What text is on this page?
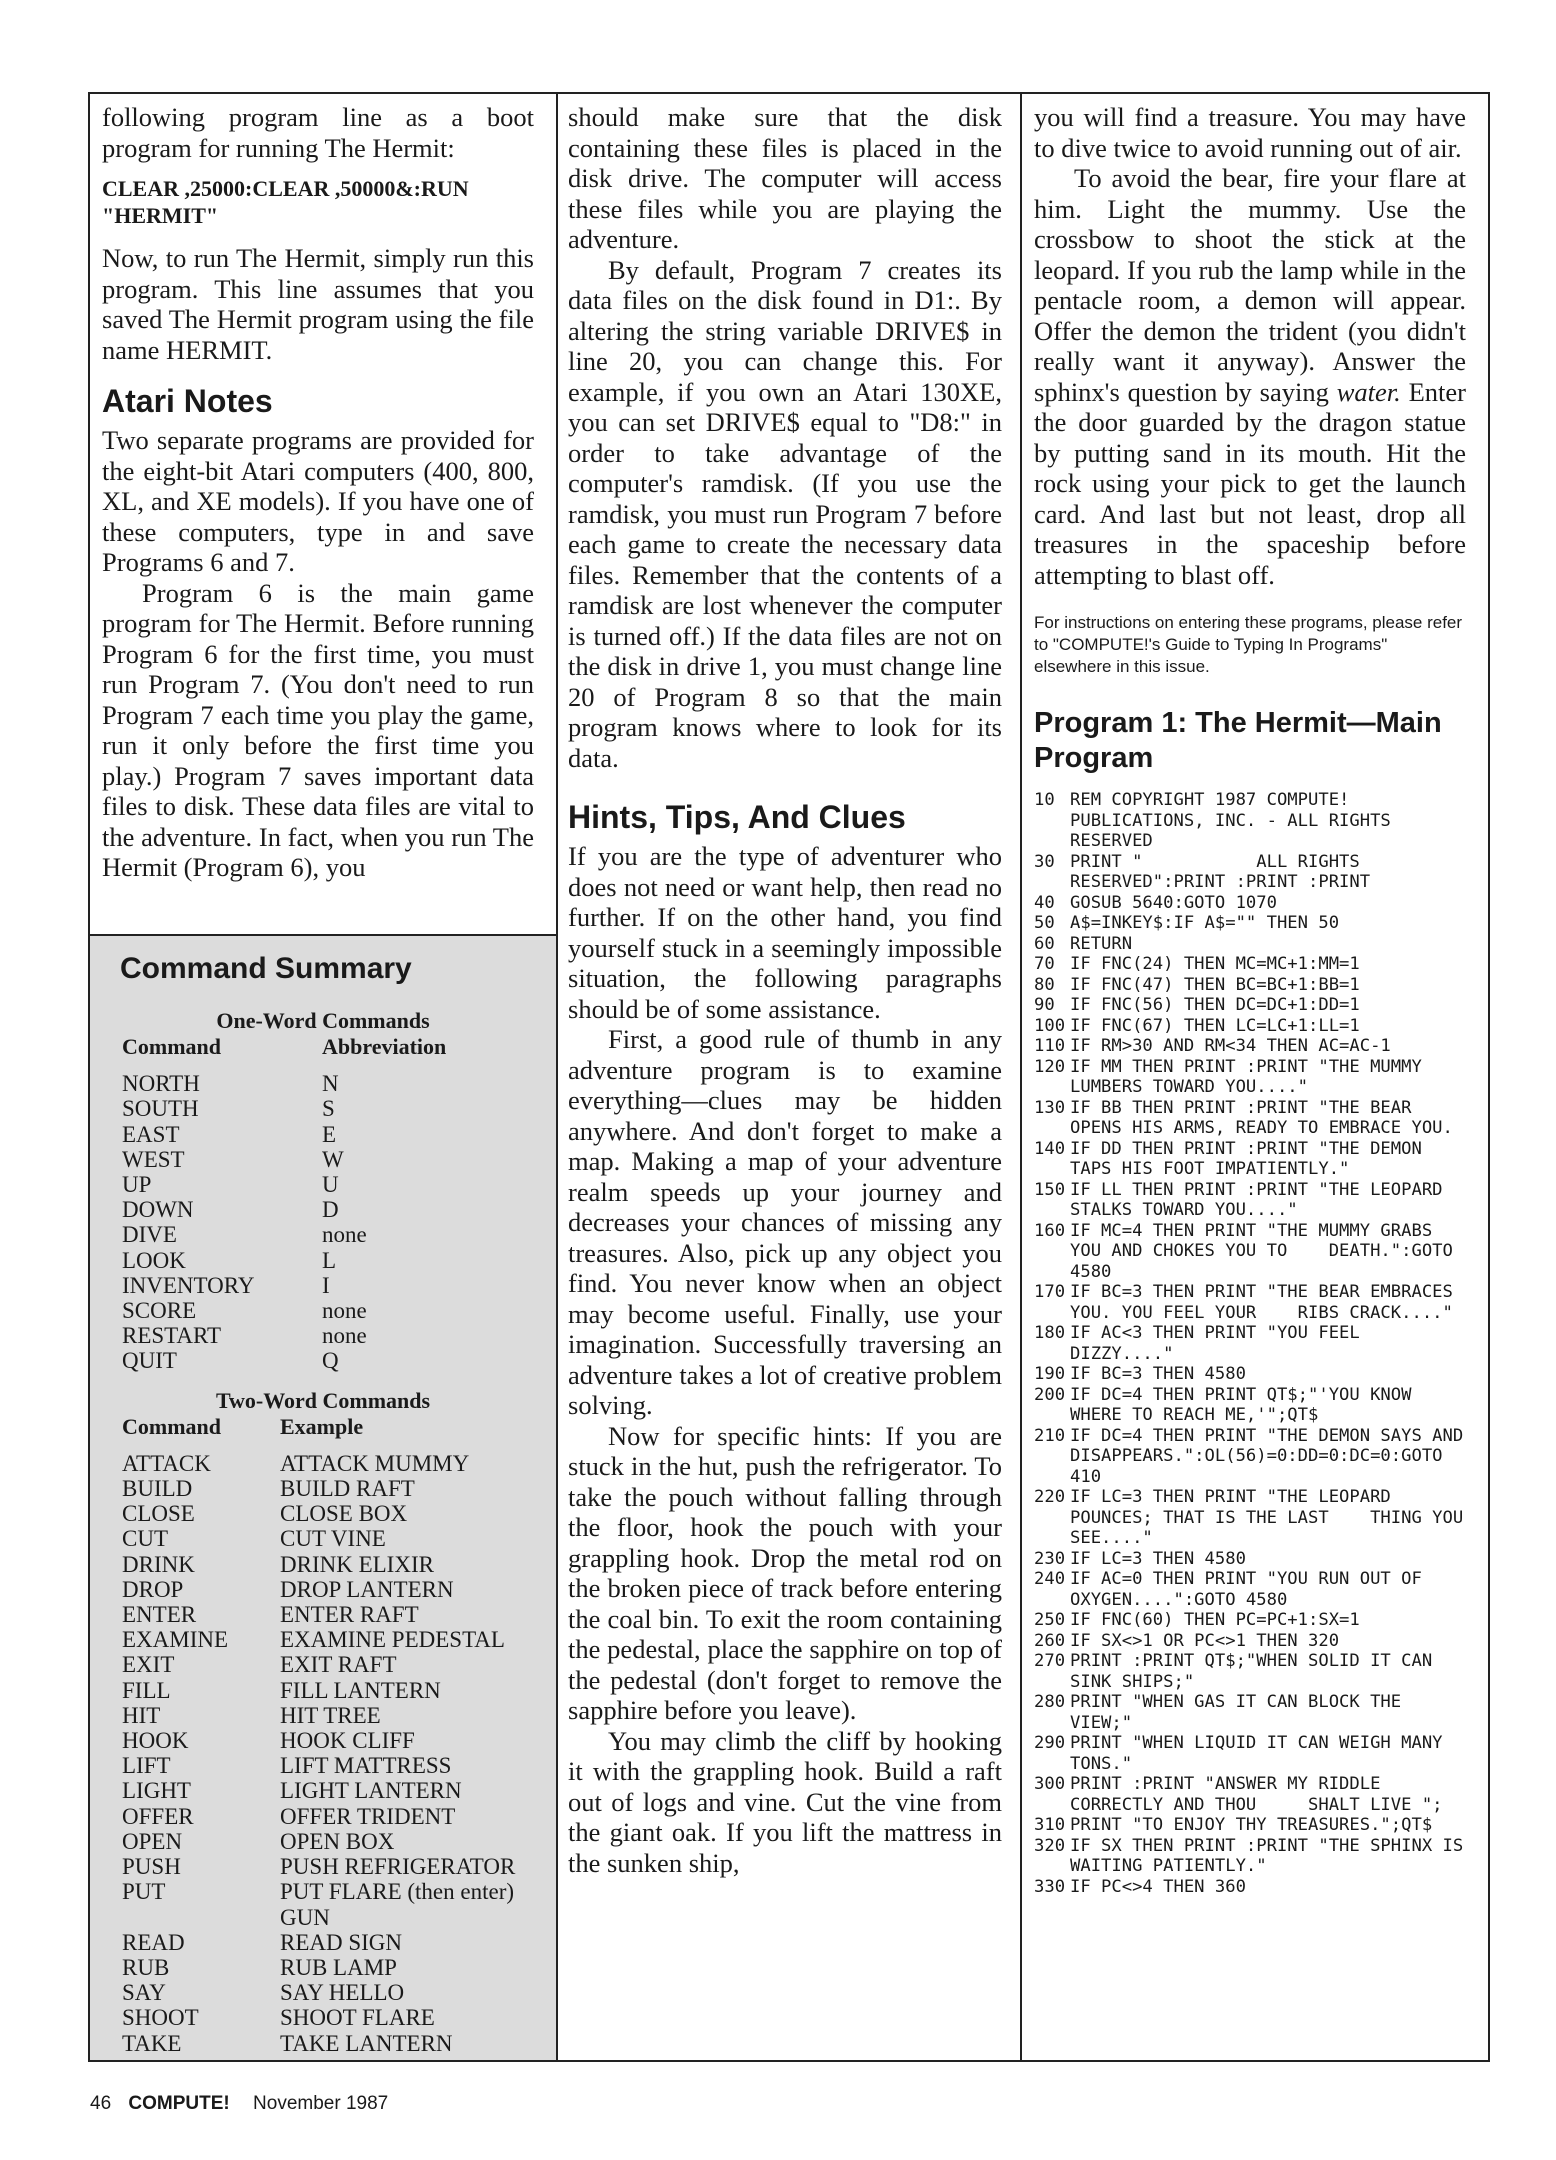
following program line as a boot program for running The Hermit:

CLEAR ,25000:CLEAR ,50000&:RUN "HERMIT"

Now, to run The Hermit, simply run this program. This line assumes that you saved The Hermit program using the file name HERMIT.

Atari Notes

Two separate programs are provided for the eight-bit Atari computers (400, 800, XL, and XE models). If you have one of these computers, type in and save Programs 6 and 7.

Program 6 is the main game program for The Hermit. Before running Program 6 for the first time, you must run Program 7. (You don't need to run Program 7 each time you play the game, run it only before the first time you play.) Program 7 saves important data files to disk. These data files are vital to the adventure. In fact, when you run The Hermit (Program 6), you

Command Summary
One-Word Commands
Command	Abbreviation
NORTH	N
SOUTH	S
EAST	E
WEST	W
UP	U
DOWN	D
DIVE	none
LOOK	L
INVENTORY	I
SCORE	none
RESTART	none
QUIT	Q
Two-Word Commands
Command	Example
ATTACK	ATTACK MUMMY
BUILD	BUILD RAFT
CLOSE	CLOSE BOX
CUT	CUT VINE
DRINK	DRINK ELIXIR
DROP	DROP LANTERN
ENTER	ENTER RAFT
EXAMINE	EXAMINE PEDESTAL
EXIT	EXIT RAFT
FILL	FILL LANTERN
HIT	HIT TREE
HOOK	HOOK CLIFF
LIFT	LIFT MATTRESS
LIGHT	LIGHT LANTERN
OFFER	OFFER TRIDENT
OPEN	OPEN BOX
PUSH	PUSH REFRIGERATOR
PUT	PUT FLARE (then enter) GUN
READ	READ SIGN
RUB	RUB LAMP
SAY	SAY HELLO
SHOOT	SHOOT FLARE
TAKE	TAKE LANTERN

should make sure that the disk containing these files is placed in the disk drive. The computer will access these files while you are playing the adventure.

By default, Program 7 creates its data files on the disk found in D1:. By altering the string variable DRIVE$ in line 20, you can change this. For example, if you own an Atari 130XE, you can set DRIVE$ equal to "D8:" in order to take advantage of the computer's ramdisk. (If you use the ramdisk, you must run Program 7 before each game to create the necessary data files. Remember that the contents of a ramdisk are lost whenever the computer is turned off.) If the data files are not on the disk in drive 1, you must change line 20 of Program 8 so that the main program knows where to look for its data.

Hints, Tips, And Clues

If you are the type of adventurer who does not need or want help, then read no further. If on the other hand, you find yourself stuck in a seemingly impossible situation, the following paragraphs should be of some assistance.

First, a good rule of thumb in any adventure program is to examine everything—clues may be hidden anywhere. And don't forget to make a map. Making a map of your adventure realm speeds up your journey and decreases your chances of missing any treasures. Also, pick up any object you find. You never know when an object may become useful. Finally, use your imagination. Successfully traversing an adventure takes a lot of creative problem solving.

Now for specific hints: If you are stuck in the hut, push the refrigerator. To take the pouch without falling through the floor, hook the pouch with your grappling hook. Drop the metal rod on the broken piece of track before entering the coal bin. To exit the room containing the pedestal, place the sapphire on top of the pedestal (don't forget to remove the sapphire before you leave).

You may climb the cliff by hooking it with the grappling hook. Build a raft out of logs and vine. Cut the vine from the giant oak. If you lift the mattress in the sunken ship,

you will find a treasure. You may have to dive twice to avoid running out of air.

To avoid the bear, fire your flare at him. Light the mummy. Use the crossbow to shoot the stick at the leopard. If you rub the lamp while in the pentacle room, a demon will appear. Offer the demon the trident (you didn't really want it anyway). Answer the sphinx's question by saying water. Enter the door guarded by the dragon statue by putting sand in its mouth. Hit the rock using your pick to get the launch card. And last but not least, drop all treasures in the spaceship before attempting to blast off.

For instructions on entering these programs, please refer to "COMPUTE!'s Guide to Typing In Programs" elsewhere in this issue.

Program 1: The Hermit—Main Program
10 REM COPYRIGHT 1987 COMPUTE! PUBLICATIONS, INC. - ALL RIGHTS RESERVED
30 PRINT "           ALL RIGHTS RESERVED":PRINT :PRINT :PRINT
40 GOSUB 5640:GOTO 1070
50 A$=INKEY$:IF A$="" THEN 50
60 RETURN
70 IF FNC(24) THEN MC=MC+1:MM=1
80 IF FNC(47) THEN BC=BC+1:BB=1
90 IF FNC(56) THEN DC=DC+1:DD=1
100 IF FNC(67) THEN LC=LC+1:LL=1
110 IF RM>30 AND RM<34 THEN AC=AC-1
120 IF MM THEN PRINT :PRINT "THE MUMMY LUMBERS TOWARD YOU...."
130 IF BB THEN PRINT :PRINT "THE BEAR OPENS HIS ARMS, READY TO EMBRACE YOU.
140 IF DD THEN PRINT :PRINT "THE DEMON TAPS HIS FOOT IMPATIENTLY."
150 IF LL THEN PRINT :PRINT "THE LEOPARD STALKS TOWARD YOU...."
160 IF MC=4 THEN PRINT "THE MUMMY GRABS YOU AND CHOKES YOU TO    DEATH.":GOTO 4580
170 IF BC=3 THEN PRINT "THE BEAR EMBRACES YOU. YOU FEEL YOUR    RIBS CRACK...."
180 IF AC<3 THEN PRINT "YOU FEEL DIZZY...."
190 IF BC=3 THEN 4580
200 IF DC=4 THEN PRINT QT$;"'YOU KNOW WHERE TO REACH ME,'";QT$
210 IF DC=4 THEN PRINT "THE DEMON SAYS AND DISAPPEARS.":OL(56)=0:DD=0:DC=0:GOTO 410
220 IF LC=3 THEN PRINT "THE LEOPARD POUNCES; THAT IS THE LAST    THING YOU SEE...."
230 IF LC=3 THEN 4580
240 IF AC=0 THEN PRINT "YOU RUN OUT OF OXYGEN....":GOTO 4580
250 IF FNC(60) THEN PC=PC+1:SX=1
260 IF SX<>1 OR PC<>1 THEN 320
270 PRINT :PRINT QT$;"WHEN SOLID IT CAN SINK SHIPS;"
280 PRINT "WHEN GAS IT CAN BLOCK THE VIEW;"
290 PRINT "WHEN LIQUID IT CAN WEIGH MANY TONS."
300 PRINT :PRINT "ANSWER MY RIDDLE CORRECTLY AND THOU     SHALT LIVE ";
310 PRINT "TO ENJOY THY TREASURES.";QT$
320 IF SX THEN PRINT :PRINT "THE SPHINX IS WAITING PATIENTLY."
330 IF PC<>4 THEN 360
46 COMPUTE! November 1987
